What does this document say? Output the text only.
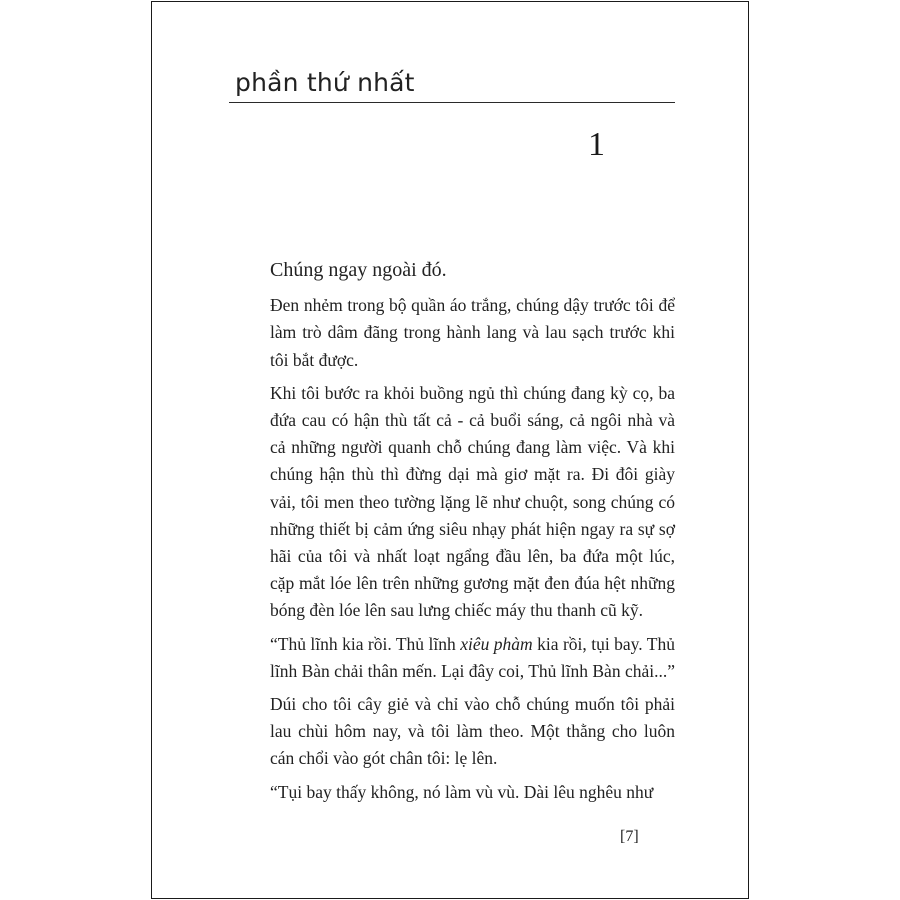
phần thứ nhất
1

Chúng ngay ngoài đó.

Đen nhẻm trong bộ quần áo trắng, chúng dậy trước tôi để làm trò dâm đãng trong hành lang và lau sạch trước khi tôi bắt được.

Khi tôi bước ra khỏi buồng ngủ thì chúng đang kỳ cọ, ba đứa cau có hận thù tất cả - cả buổi sáng, cả ngôi nhà và cả những người quanh chỗ chúng đang làm việc. Và khi chúng hận thù thì đừng dại mà giơ mặt ra. Đi đôi giày vải, tôi men theo tường lặng lẽ như chuột, song chúng có những thiết bị cảm ứng siêu nhạy phát hiện ngay ra sự sợ hãi của tôi và nhất loạt ngẩng đầu lên, ba đứa một lúc, cặp mắt lóe lên trên những gương mặt đen đúa hệt những bóng đèn lóe lên sau lưng chiếc máy thu thanh cũ kỹ.

“Thủ lĩnh kia rồi. Thủ lĩnh xiêu phàm kia rồi, tụi bay. Thủ lĩnh Bàn chải thân mến. Lại đây coi, Thủ lĩnh Bàn chải...”

Dúi cho tôi cây giẻ và chỉ vào chỗ chúng muốn tôi phải lau chùi hôm nay, và tôi làm theo. Một thằng cho luôn cán chổi vào gót chân tôi: lẹ lên.

“Tụi bay thấy không, nó làm vù vù. Dài lêu nghêu như

[7]
